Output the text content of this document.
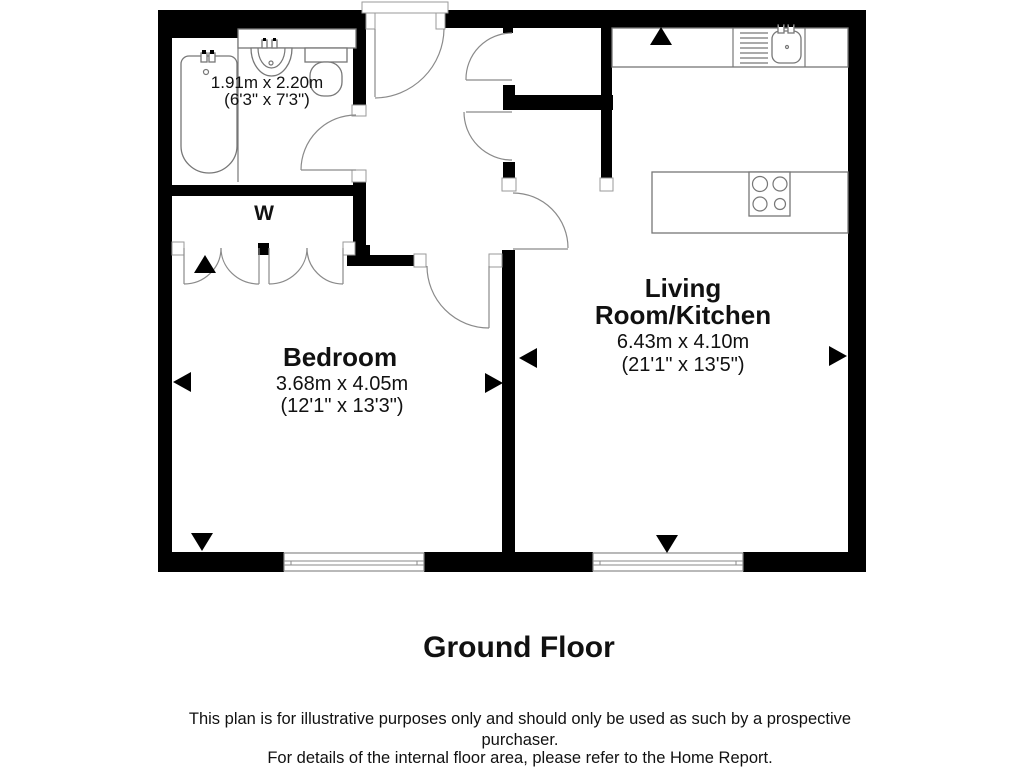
1.91m x 2.20m
(6'3" x 7'3")
W
Bedroom
3.68m x 4.05m
(12'1" x 13'3")
Living
Room/Kitchen
6.43m x 4.10m
(21'1" x 13'5")
Ground Floor
This plan is for illustrative purposes only and should only be used as such by a prospective
purchaser.
For details of the internal floor area, please refer to the Home Report.
